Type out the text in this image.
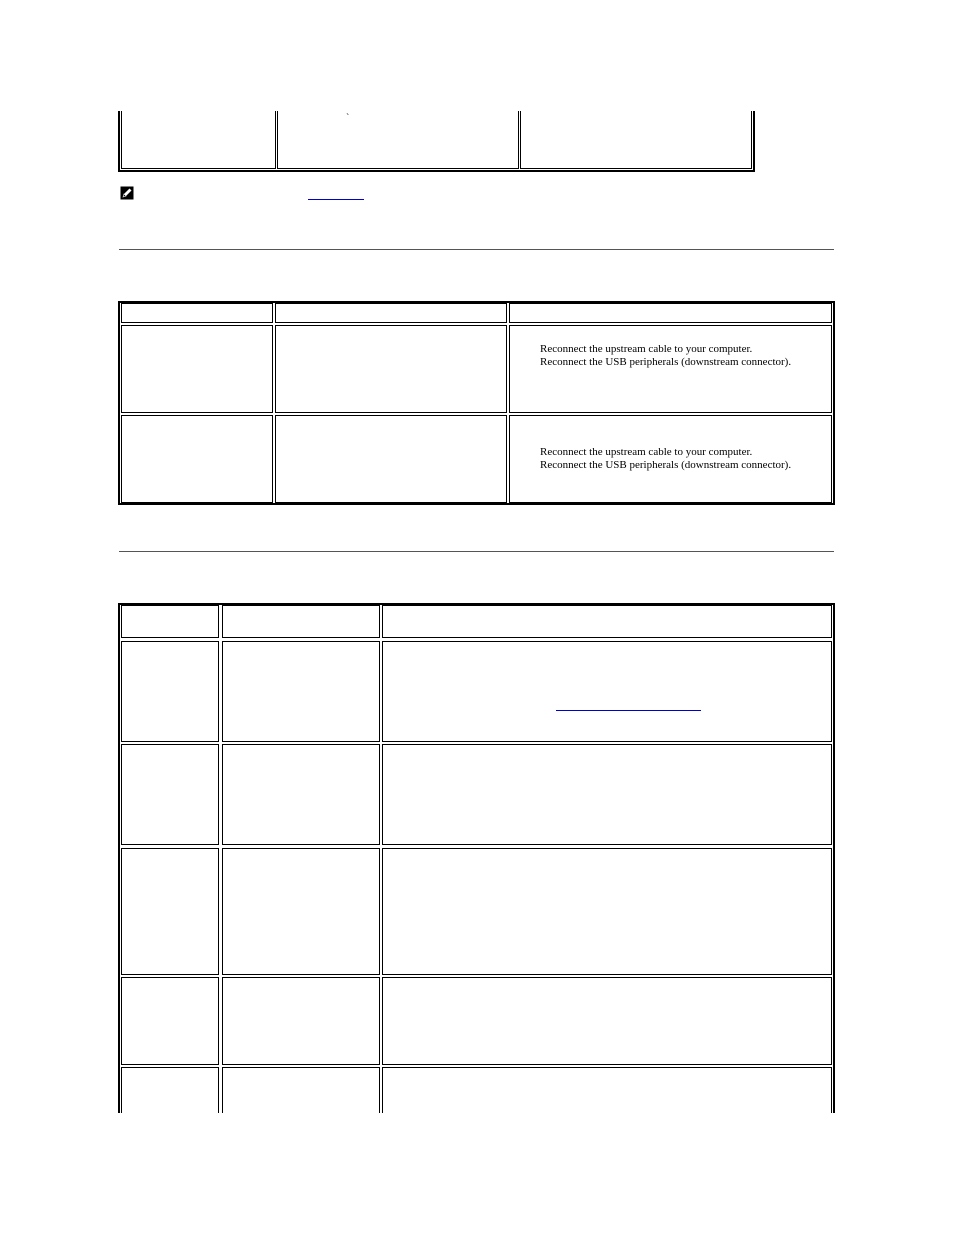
`
Reconnect the upstream cable to your computer.
Reconnect the USB peripherals (downstream connector).
Reconnect the upstream cable to your computer.
Reconnect the USB peripherals (downstream connector).
